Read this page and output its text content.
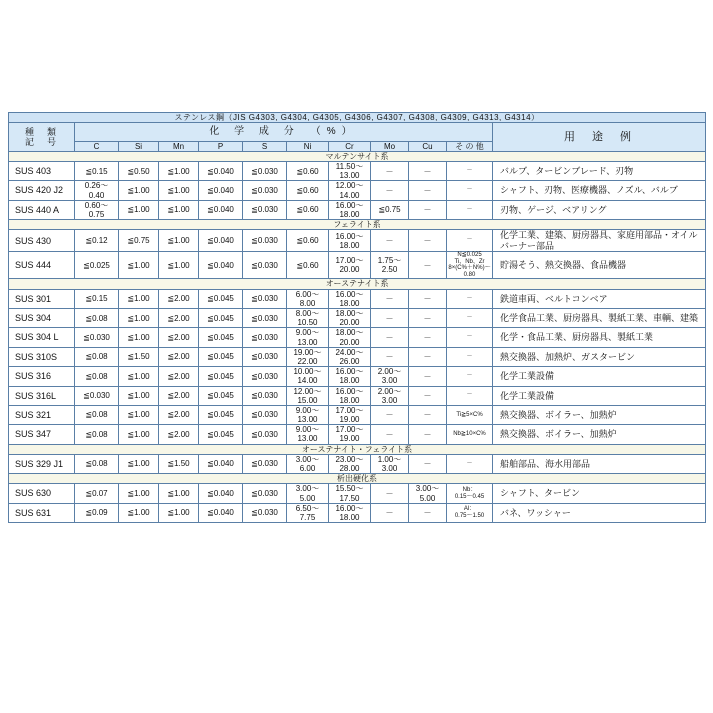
ステンレス鋼（JIS G4303, G4304, G4305, G4306, G4307, G4308, G4309, G4313, G4314）											
種　類
記　号	化 学 成 分　（%）										用　途　例
	C	Si	Mn	P	S	Ni	Cr	Mo	Cu	そ の 他	
マルテンサイト系											
SUS 403	≦0.15	≦0.50	≦1.00	≦0.040	≦0.030	≦0.60	11.50～
13.00	－	－	－	バルブ、タービンブレード、刃物
SUS 420 J2	0.26～
0.40	≦1.00	≦1.00	≦0.040	≦0.030	≦0.60	12.00～
14.00	－	－	－	シャフト、刃物、医療機器、ノズル、バルブ
SUS 440 A	0.60～
0.75	≦1.00	≦1.00	≦0.040	≦0.030	≦0.60	16.00～
18.00	≦0.75	－	－	刃物、ゲージ、ベアリング
フェライト系											
SUS 430	≦0.12	≦0.75	≦1.00	≦0.040	≦0.030	≦0.60	16.00～
18.00	－	－	－	化学工業、建築、厨房器具、家庭用部品・オイルバーナー部品
SUS 444	≦0.025	≦1.00	≦1.00	≦0.040	≦0.030	≦0.60	17.00～
20.00	1.75～
2.50	－	N≦0.025
Ti、Nb、Zr
8×(C%＋N%)～0.80	貯湯そう、熱交換器、食品機器
オーステナイト系											
SUS 301	≦0.15	≦1.00	≦2.00	≦0.045	≦0.030	6.00～
8.00	16.00～
18.00	－	－	－	鉄道車両、ベルトコンベア
SUS 304	≦0.08	≦1.00	≦2.00	≦0.045	≦0.030	8.00～
10.50	18.00～
20.00	－	－	－	化学食品工業、厨房器具、製紙工業、車輌、建築
SUS 304 L	≦0.030	≦1.00	≦2.00	≦0.045	≦0.030	9.00～
13.00	18.00～
20.00	－	－	－	化学・食品工業、厨房器具、製紙工業
SUS 310S	≦0.08	≦1.50	≦2.00	≦0.045	≦0.030	19.00～
22.00	24.00～
26.00	－	－	－	熱交換器、加熱炉、ガスタービン
SUS 316	≦0.08	≦1.00	≦2.00	≦0.045	≦0.030	10.00～
14.00	16.00～
18.00	2.00～
3.00	－	－	化学工業設備
SUS 316L	≦0.030	≦1.00	≦2.00	≦0.045	≦0.030	12.00～
15.00	16.00～
18.00	2.00～
3.00	－	－	化学工業設備
SUS 321	≦0.08	≦1.00	≦2.00	≦0.045	≦0.030	9.00～
13.00	17.00～
19.00	－	－	Ti≧5×C%	熱交換器、ボイラー、加熱炉
SUS 347	≦0.08	≦1.00	≦2.00	≦0.045	≦0.030	9.00～
13.00	17.00～
19.00	－	－	Nb≧10×C%	熱交換器、ボイラー、加熱炉
オーステナイト・フェライト系											
SUS 329 J1	≦0.08	≦1.00	≦1.50	≦0.040	≦0.030	3.00～
6.00	23.00～
28.00	1.00～
3.00	－	－	船舶部品、海水用部品
析出硬化系											
SUS 630	≦0.07	≦1.00	≦1.00	≦0.040	≦0.030	3.00～
5.00	15.50～
17.50	－	3.00～
5.00	Nb：
0.15～0.45	シャフト、タービン
SUS 631	≦0.09	≦1.00	≦1.00	≦0.040	≦0.030	6.50～
7.75	16.00～
18.00	－	－	Al：
0.75～1.50	バネ、ワッシャー
